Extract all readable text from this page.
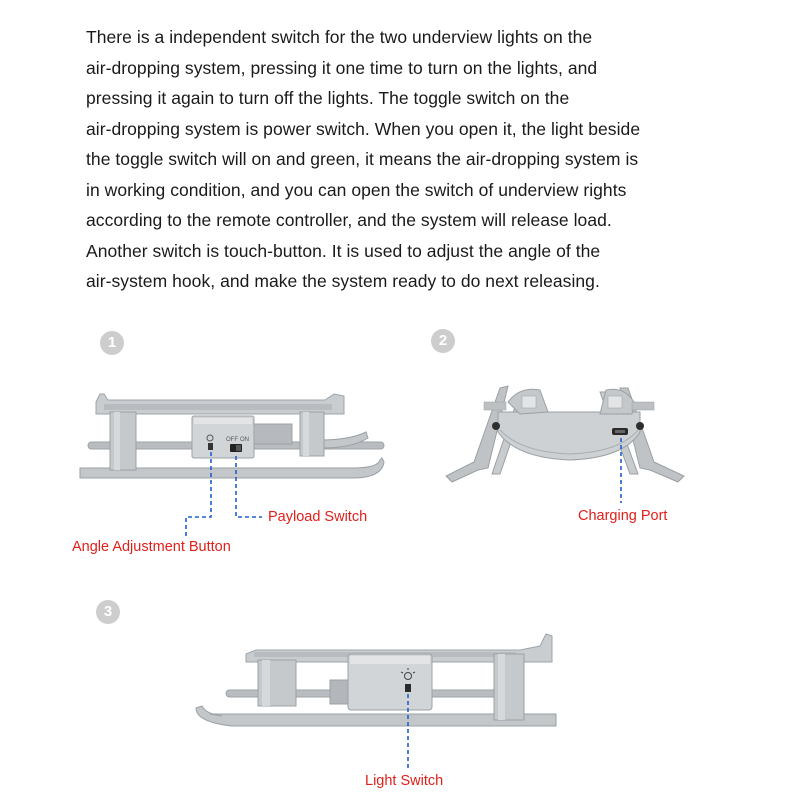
There is a independent switch for the two underview lights on the
air-dropping system, pressing it one time to turn on the lights, and
pressing it again to turn off the lights. The toggle switch on the
air-dropping system is power switch. When you open it, the light beside
the toggle switch will on and green, it means the air-dropping system is
in working condition, and you can open the switch of underview rights
according to the remote controller, and the system will release load.
Another switch is touch-button. It is used to adjust the angle of the
air-system hook, and make the system ready to do next releasing.
1	2
3
OFF ON
Payload Switch
Angle Adjustment Button
Charging Port
Light Switch
